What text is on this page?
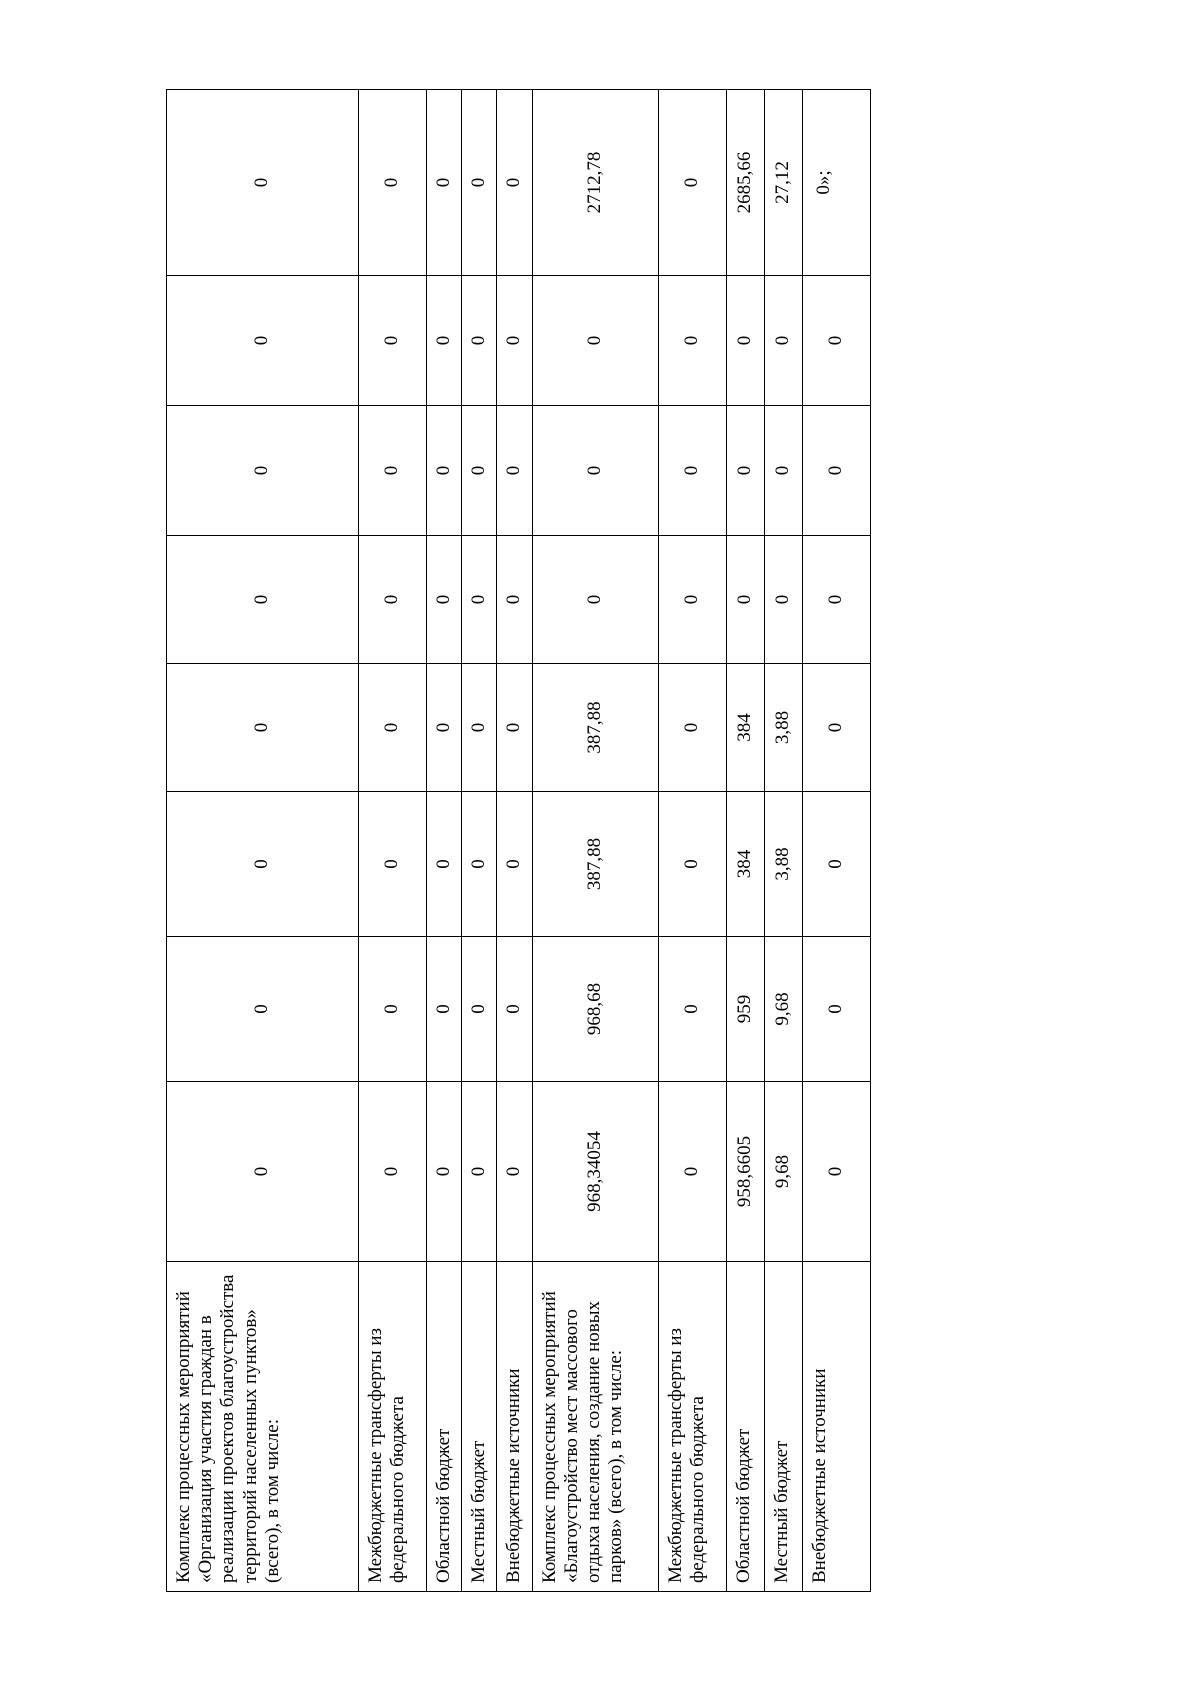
Комплекс процессных мероприятий «Организация участия граждан в реализации проектов благоустройства территорий населенных пунктов» (всего), в том числе:	0	0	0	0	0	0	0	0
Межбюджетные трансферты из федерального бюджета	0	0	0	0	0	0	0	0
Областной бюджет	0	0	0	0	0	0	0	0
Местный бюджет	0	0	0	0	0	0	0	0
Внебюджетные источники	0	0	0	0	0	0	0	0
Комплекс процессных мероприятий «Благоустройство мест массового отдыха населения, создание новых парков» (всего), в том числе:	968,34054	968,68	387,88	387,88	0	0	0	2712,78
Межбюджетные трансферты из федерального бюджета	0	0	0	0	0	0	0	0
Областной бюджет	958,6605	959	384	384	0	0	0	2685,66
Местный бюджет	9,68	9,68	3,88	3,88	0	0	0	27,12
Внебюджетные источники	0	0	0	0	0	0	0	0»;
